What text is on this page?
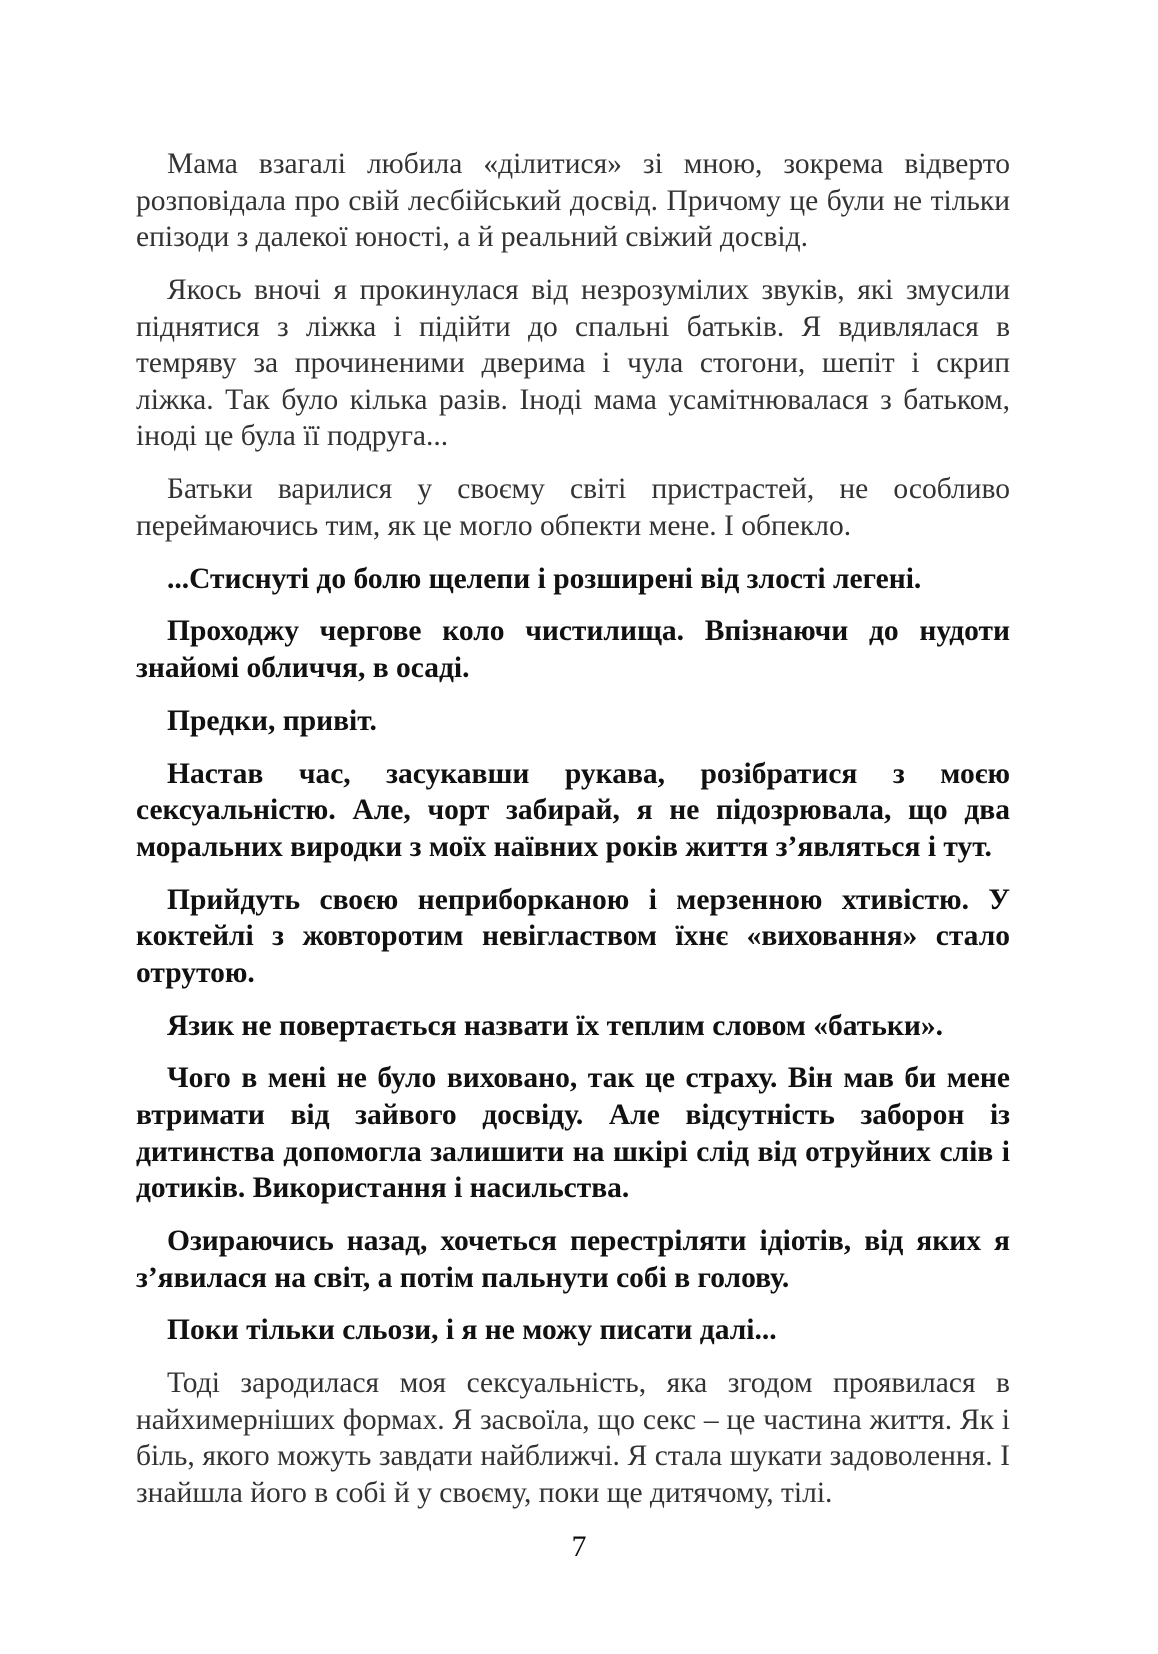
Мама взагалі любила «ділитися» зі мною, зокрема відверто розповідала про свій лесбійський досвід. Причому це були не тільки епізоди з далекої юності, а й реальний свіжий досвід.

Якось вночі я прокинулася від незрозумілих звуків, які змусили піднятися з ліжка і підійти до спальні батьків. Я вдивлялася в темряву за прочиненими дверима і чула стогони, шепіт і скрип ліжка. Так було кілька разів. Іноді мама усамітнювалася з батьком, іноді це була її подруга...

Батьки варилися у своєму світі пристрастей, не особливо переймаючись тим, як це могло обпекти мене. І обпекло.

...Стиснуті до болю щелепи і розширені від злості легені.

Проходжу чергове коло чистилища. Впізнаючи до нудоти знайомі обличчя, в осаді.

Предки, привіт.

Настав час, засукавши рукава, розібратися з моєю сексуальністю. Але, чорт забирай, я не підозрювала, що два моральних виродки з моїх наївних років життя з’являться і тут.

Прийдуть своєю неприборканою і мерзенною хтивістю. У коктейлі з жовторотим невіглаством їхнє «виховання» стало отрутою.

Язик не повертається назвати їх теплим словом «батьки».

Чого в мені не було виховано, так це страху. Він мав би мене втримати від зайвого досвіду. Але відсутність заборон із дитинства допомогла залишити на шкірі слід від отруйних слів і дотиків. Використання і насильства.

Озираючись назад, хочеться перестріляти ідіотів, від яких я з’явилася на світ, а потім пальнути собі в голову.

Поки тільки сльози, і я не можу писати далі...

Тоді зародилася моя сексуальність, яка згодом проявилася в найхимерніших формах. Я засвоїла, що секс – це частина життя. Як і біль, якого можуть завдати найближчі. Я стала шукати задоволення. І знайшла його в собі й у своєму, поки ще дитячому, тілі.

7
